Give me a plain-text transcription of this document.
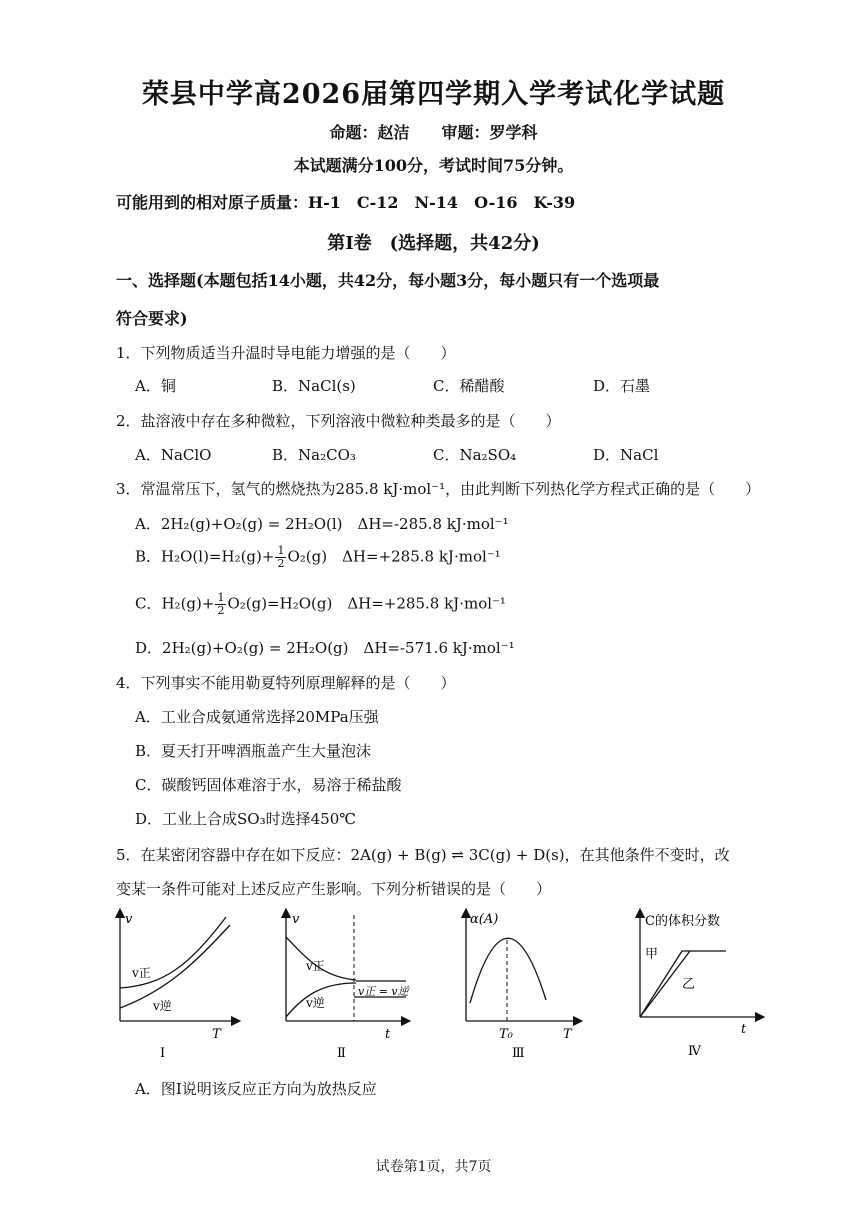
荣县中学高2026届第四学期入学考试化学试题
命题：赵洁　　审题：罗学科
本试题满分100分，考试时间75分钟。
可能用到的相对原子质量：H-1　C-12　N-14　O-16　K-39
第Ⅰ卷　(选择题，共42分)
一、选择题(本题包括14小题，共42分，每小题3分，每小题只有一个选项最
符合要求)
1．下列物质适当升温时导电能力增强的是（　　）
A．铜	B．NaCl(s)	C．稀醋酸	D．石墨
2．盐溶液中存在多种微粒，下列溶液中微粒种类最多的是（　　）
A．NaClO	B．Na₂CO₃	C．Na₂SO₄	D．NaCl
3．常温常压下，氢气的燃烧热为285.8 kJ·mol⁻¹，由此判断下列热化学方程式正确的是（　　）
A．2H₂(g)+O₂(g) = 2H₂O(l)　ΔH=-285.8 kJ·mol⁻¹
B．$H_2O(l)=H_2(g)+ \frac{1}{2} O_2(g)$　ΔH=+285.8 kJ·mol⁻¹
C．$H_2(g)+ \frac{1}{2} O_2(g)=H_2O(g)$　ΔH=+285.8 kJ·mol⁻¹
D．2H₂(g)+O₂(g) = 2H₂O(g)　ΔH=-571.6 kJ·mol⁻¹
4．下列事实不能用勒夏特列原理解释的是（　　）
A．工业合成氨通常选择20MPa压强
B．夏天打开啤酒瓶盖产生大量泡沫
C．碳酸钙固体难溶于水，易溶于稀盐酸
D．工业上合成SO₃时选择450℃
5．在某密闭容器中存在如下反应：2A(g) + B(g) ⇌ 3C(g) + D(s)，在其他条件不变时，改
变某一条件可能对上述反应产生影响。下列分析错误的是（　　）
v
T
v正
v逆
Ⅰ
v
t
v正
v逆
v正 = v逆
Ⅱ
α(A)
T
T₀
Ⅲ
C的体积分数
t
甲
乙
Ⅳ
A．图Ⅰ说明该反应正方向为放热反应
试卷第1页，共7页
